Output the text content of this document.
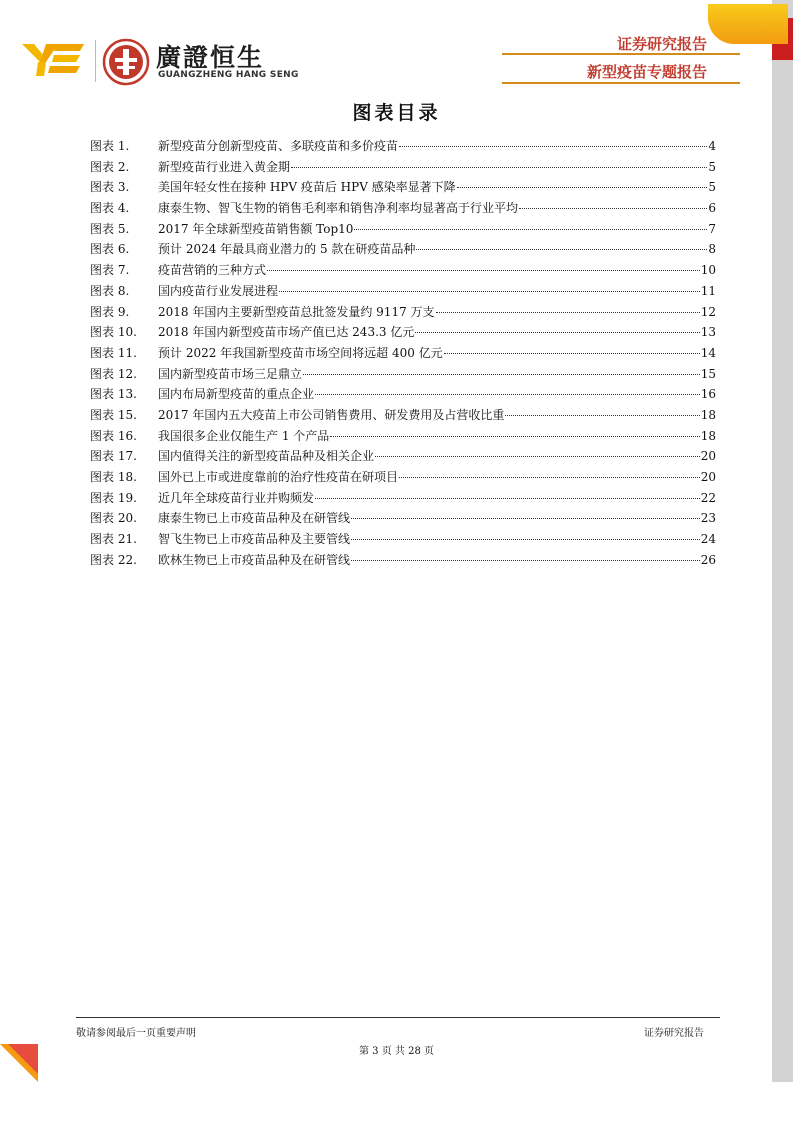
廣證恒生
GUANGZHENG HANG SENG
证券研究报告
新型疫苗专题报告
图表目录
图表 1.	新型疫苗分创新型疫苗、多联疫苗和多价疫苗	4
图表 2.	新型疫苗行业进入黄金期	5
图表 3.	美国年轻女性在接种 HPV 疫苗后 HPV 感染率显著下降	5
图表 4.	康泰生物、智飞生物的销售毛利率和销售净利率均显著高于行业平均	6
图表 5.	2017 年全球新型疫苗销售额 Top10	7
图表 6.	预计 2024 年最具商业潜力的 5 款在研疫苗品种	8
图表 7.	疫苗营销的三种方式	10
图表 8.	国内疫苗行业发展进程	11
图表 9.	2018 年国内主要新型疫苗总批签发量约 9117 万支	12
图表 10.	2018 年国内新型疫苗市场产值已达 243.3 亿元	13
图表 11.	预计 2022 年我国新型疫苗市场空间将远超 400 亿元	14
图表 12.	国内新型疫苗市场三足鼎立	15
图表 13.	国内布局新型疫苗的重点企业	16
图表 15.	2017 年国内五大疫苗上市公司销售费用、研发费用及占营收比重	18
图表 16.	我国很多企业仅能生产 1 个产品	18
图表 17.	国内值得关注的新型疫苗品种及相关企业	20
图表 18.	国外已上市或进度靠前的治疗性疫苗在研项目	20
图表 19.	近几年全球疫苗行业并购频发	22
图表 20.	康泰生物已上市疫苗品种及在研管线	23
图表 21.	智飞生物已上市疫苗品种及主要管线	24
图表 22.	欧林生物已上市疫苗品种及在研管线	26
敬请参阅最后一页重要声明	证券研究报告
第 3 页 共 28 页
